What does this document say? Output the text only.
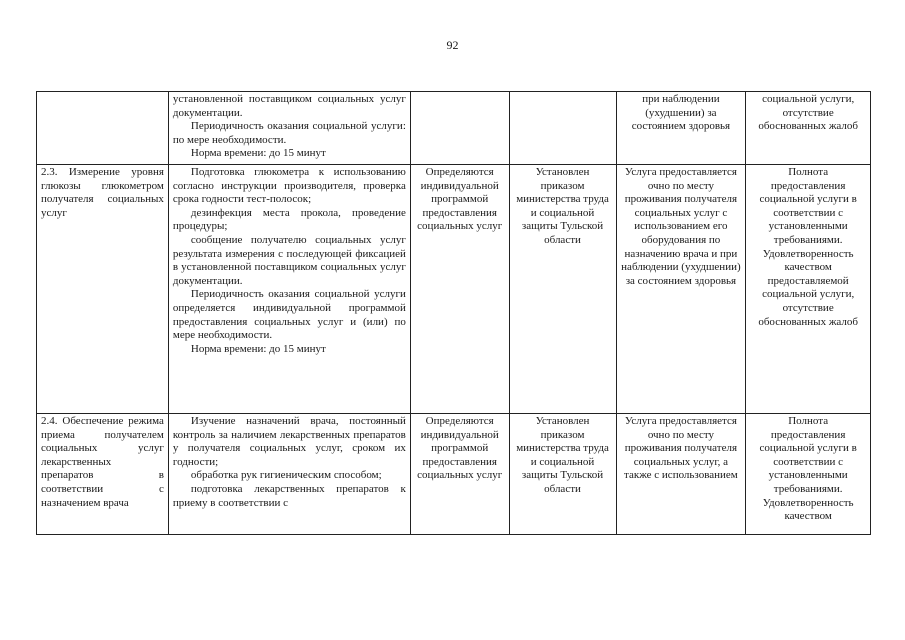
92

	установленной поставщиком социальных услуг документации.

Периодичность оказания социальной услуги: по мере необходимости.

Норма времени: до 15 минут			при наблюдении (ухудшении) за состоянием здоровья	социальной услуги, отсутствие обоснованных жалоб
2.3. Измерение уровня глюкозы глюкометром получателя социальных услуг	Подготовка глюкометра к использованию согласно инструкции производителя, проверка срока годности тест-полосок;

дезинфекция места прокола, проведение процедуры;

сообщение получателю социальных услуг результата измерения с последующей фиксацией в установленной поставщиком социальных услуг документации.

Периодичность оказания социальной услуги определяется индивидуальной программой предоставления социальных услуг и (или) по мере необходимости.

Норма времени: до 15 минут	Определяются индивидуальной программой предоставления социальных услуг	Установлен приказом министерства труда и социальной защиты Тульской области	Услуга предоставляется очно по месту проживания получателя социальных услуг с использованием его оборудования по назначению врача и при наблюдении (ухудшении) за состоянием здоровья	Полнота предоставления социальной услуги в соответствии с установленными требованиями. Удовлетворенность качеством предоставляемой социальной услуги, отсутствие обоснованных жалоб
2.4. Обеспечение режима приема получателем социальных услуг лекарственных препаратов в соответствии с назначением врача	Изучение назначений врача, постоянный контроль за наличием лекарственных препаратов у получателя социальных услуг, сроком их годности;

обработка рук гигиеническим способом;

подготовка лекарственных препаратов к приему в соответствии с	Определяются индивидуальной программой предоставления социальных услуг	Установлен приказом министерства труда и социальной защиты Тульской области	Услуга предоставляется очно по месту проживания получателя социальных услуг, а также с использованием	Полнота предоставления социальной услуги в соответствии с установленными требованиями. Удовлетворенность качеством
